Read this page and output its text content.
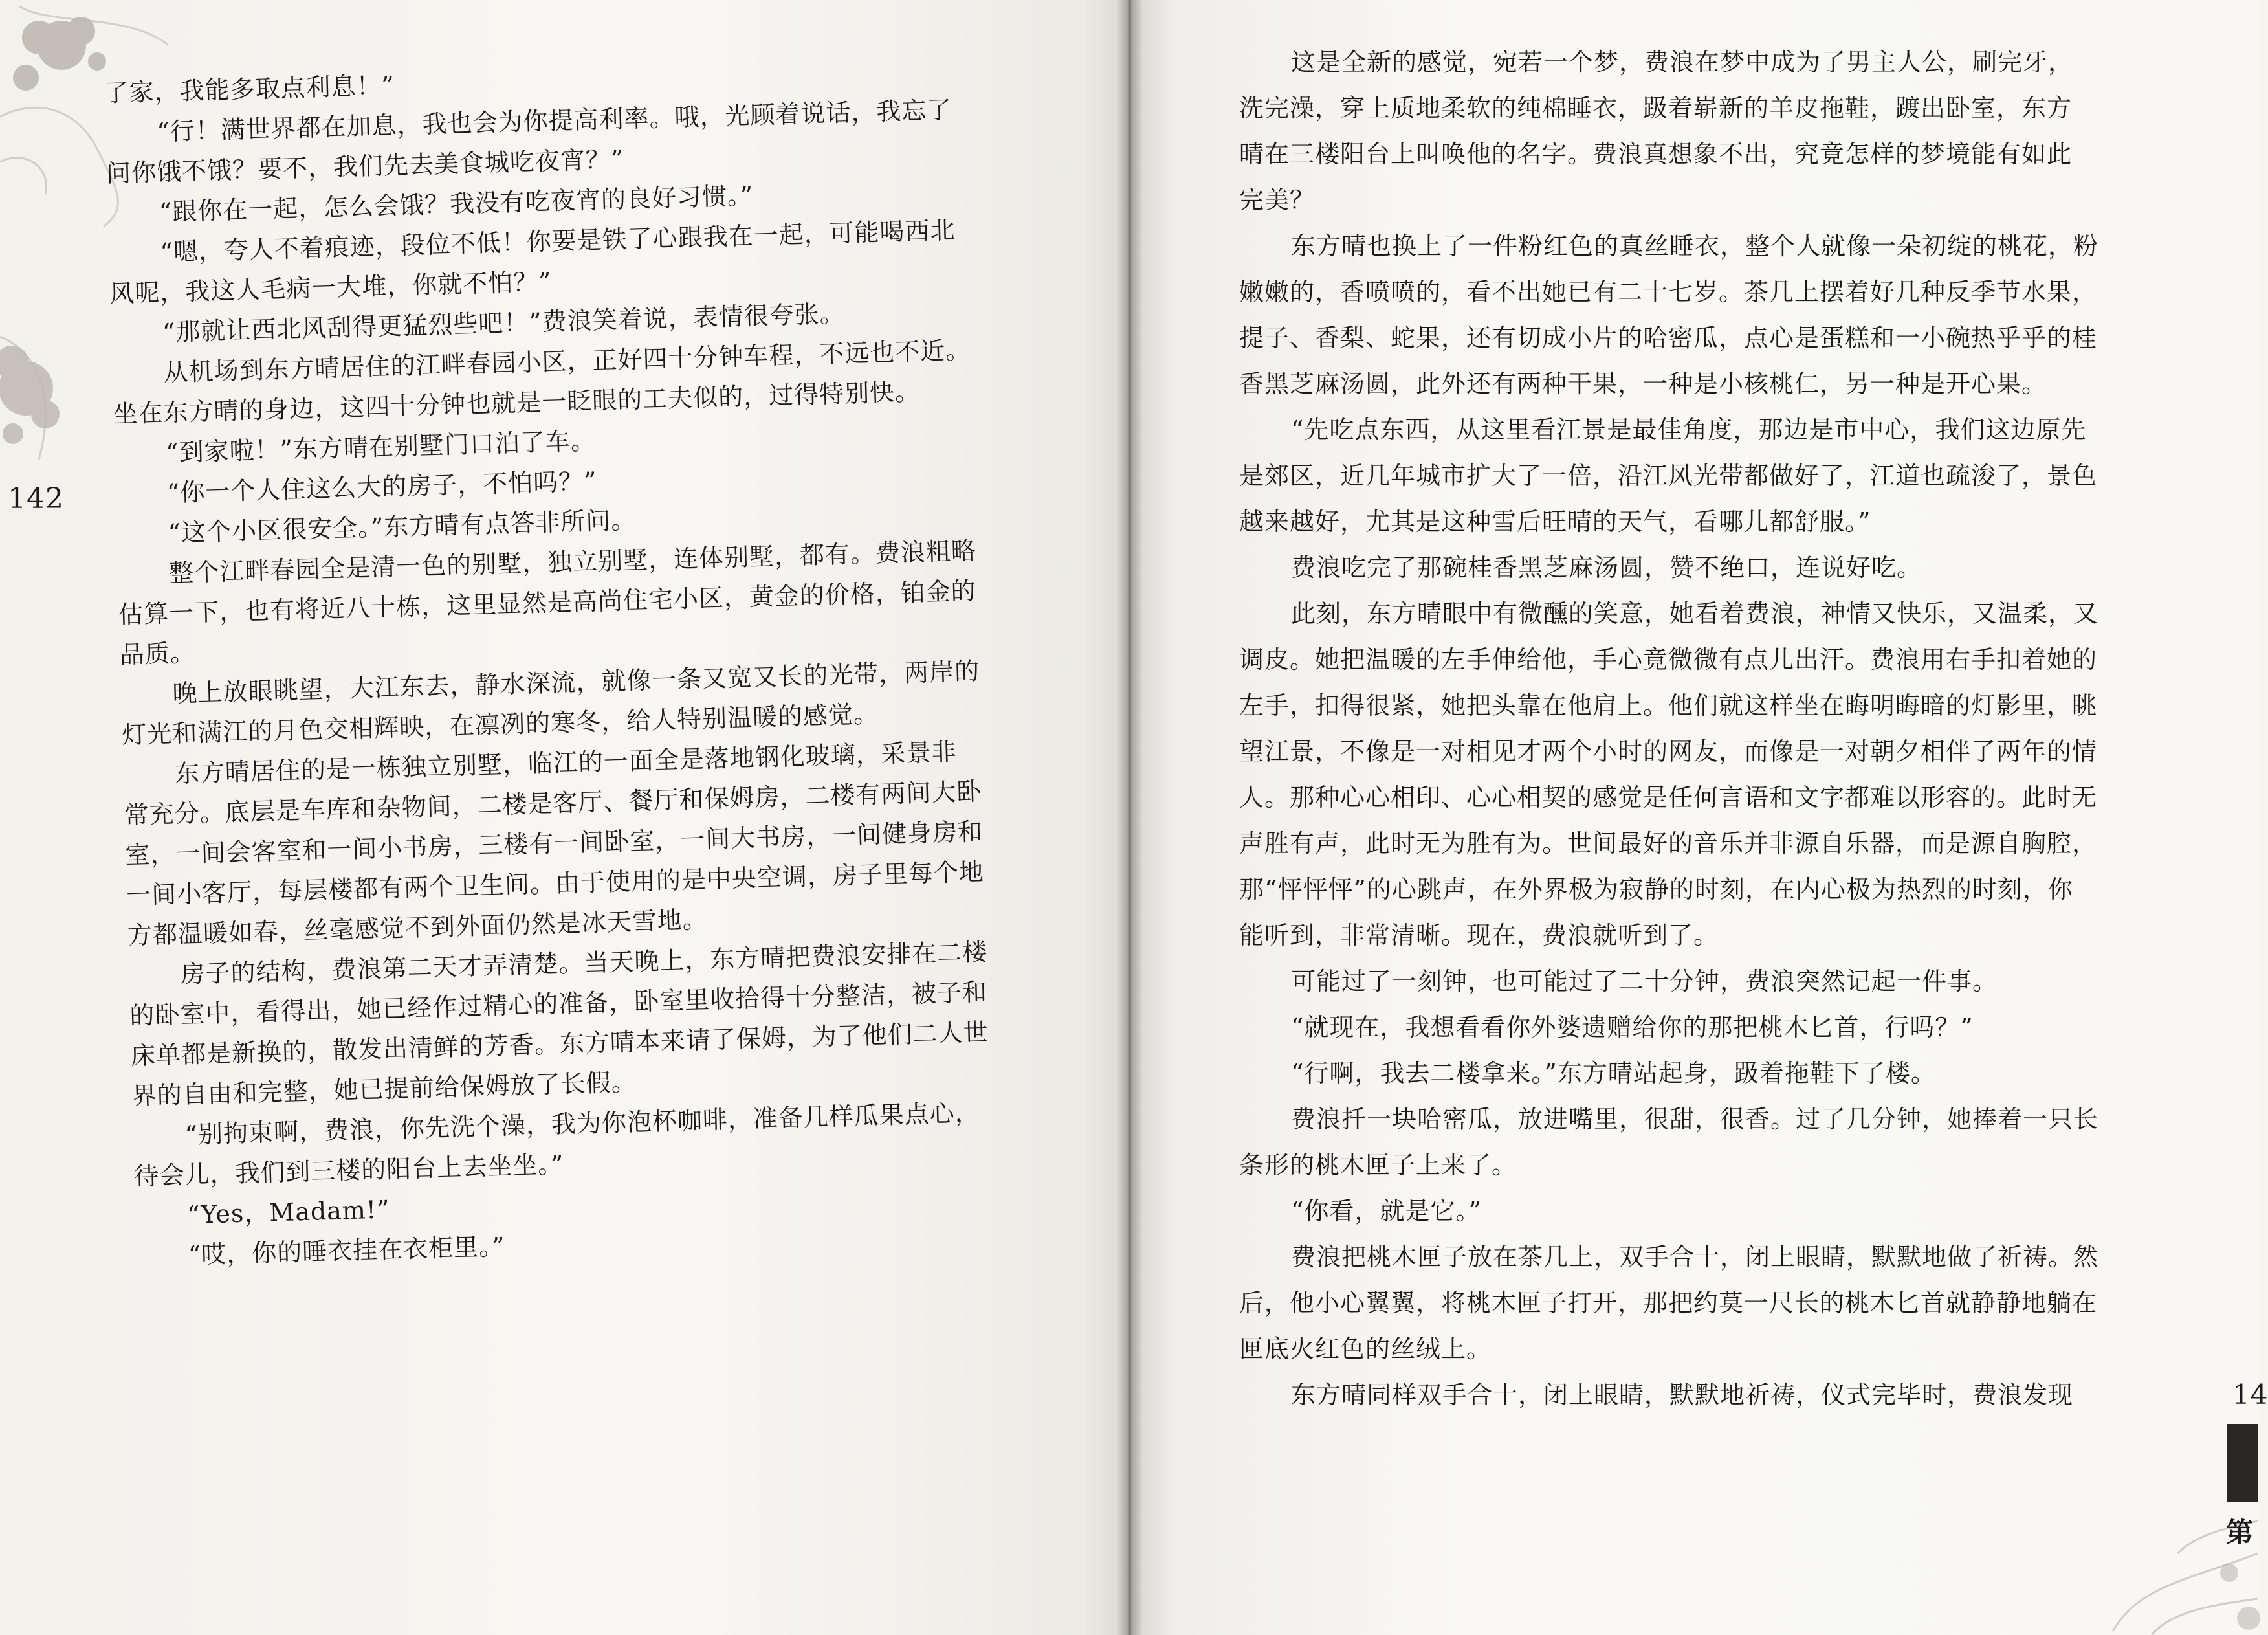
142
了家，我能多取点利息！”
“行！满世界都在加息，我也会为你提高利率。哦，光顾着说话，我忘了
问你饿不饿？要不，我们先去美食城吃夜宵？”
“跟你在一起，怎么会饿？我没有吃夜宵的良好习惯。”
“嗯，夸人不着痕迹，段位不低！你要是铁了心跟我在一起，可能喝西北
风呢，我这人毛病一大堆，你就不怕？”
“那就让西北风刮得更猛烈些吧！”费浪笑着说，表情很夸张。
从机场到东方晴居住的江畔春园小区，正好四十分钟车程，不远也不近。
坐在东方晴的身边，这四十分钟也就是一眨眼的工夫似的，过得特别快。
“到家啦！”东方晴在别墅门口泊了车。
“你一个人住这么大的房子，不怕吗？”
“这个小区很安全。”东方晴有点答非所问。
整个江畔春园全是清一色的别墅，独立别墅，连体别墅，都有。费浪粗略
估算一下，也有将近八十栋，这里显然是高尚住宅小区，黄金的价格，铂金的
品质。
晚上放眼眺望，大江东去，静水深流，就像一条又宽又长的光带，两岸的
灯光和满江的月色交相辉映，在凛冽的寒冬，给人特别温暖的感觉。
东方晴居住的是一栋独立别墅，临江的一面全是落地钢化玻璃，采景非
常充分。底层是车库和杂物间，二楼是客厅、餐厅和保姆房，二楼有两间大卧
室，一间会客室和一间小书房，三楼有一间卧室，一间大书房，一间健身房和
一间小客厅，每层楼都有两个卫生间。由于使用的是中央空调，房子里每个地
方都温暖如春，丝毫感觉不到外面仍然是冰天雪地。
房子的结构，费浪第二天才弄清楚。当天晚上，东方晴把费浪安排在二楼
的卧室中，看得出，她已经作过精心的准备，卧室里收拾得十分整洁，被子和
床单都是新换的，散发出清鲜的芳香。东方晴本来请了保姆，为了他们二人世
界的自由和完整，她已提前给保姆放了长假。
“别拘束啊，费浪，你先洗个澡，我为你泡杯咖啡，准备几样瓜果点心，
待会儿，我们到三楼的阳台上去坐坐。”
“Yes，Madam!”
“哎，你的睡衣挂在衣柜里。”
这是全新的感觉，宛若一个梦，费浪在梦中成为了男主人公，刷完牙，
洗完澡，穿上质地柔软的纯棉睡衣，趿着崭新的羊皮拖鞋，踱出卧室，东方
晴在三楼阳台上叫唤他的名字。费浪真想象不出，究竟怎样的梦境能有如此
完美？
东方晴也换上了一件粉红色的真丝睡衣，整个人就像一朵初绽的桃花，粉
嫩嫩的，香喷喷的，看不出她已有二十七岁。茶几上摆着好几种反季节水果，
提子、香梨、蛇果，还有切成小片的哈密瓜，点心是蛋糕和一小碗热乎乎的桂
香黑芝麻汤圆，此外还有两种干果，一种是小核桃仁，另一种是开心果。
“先吃点东西，从这里看江景是最佳角度，那边是市中心，我们这边原先
是郊区，近几年城市扩大了一倍，沿江风光带都做好了，江道也疏浚了，景色
越来越好，尤其是这种雪后旺晴的天气，看哪儿都舒服。”
费浪吃完了那碗桂香黑芝麻汤圆，赞不绝口，连说好吃。
此刻，东方晴眼中有微醺的笑意，她看着费浪，神情又快乐，又温柔，又
调皮。她把温暖的左手伸给他，手心竟微微有点儿出汗。费浪用右手扣着她的
左手，扣得很紧，她把头靠在他肩上。他们就这样坐在晦明晦暗的灯影里，眺
望江景，不像是一对相见才两个小时的网友，而像是一对朝夕相伴了两年的情
人。那种心心相印、心心相契的感觉是任何言语和文字都难以形容的。此时无
声胜有声，此时无为胜有为。世间最好的音乐并非源自乐器，而是源自胸腔，
那“怦怦怦”的心跳声，在外界极为寂静的时刻，在内心极为热烈的时刻，你
能听到，非常清晰。现在，费浪就听到了。
可能过了一刻钟，也可能过了二十分钟，费浪突然记起一件事。
“就现在，我想看看你外婆遗赠给你的那把桃木匕首，行吗？”
“行啊，我去二楼拿来。”东方晴站起身，趿着拖鞋下了楼。
费浪扦一块哈密瓜，放进嘴里，很甜，很香。过了几分钟，她捧着一只长
条形的桃木匣子上来了。
“你看，就是它。”
费浪把桃木匣子放在茶几上，双手合十，闭上眼睛，默默地做了祈祷。然
后，他小心翼翼，将桃木匣子打开，那把约莫一尺长的桃木匕首就静静地躺在
匣底火红色的丝绒上。
东方晴同样双手合十，闭上眼睛，默默地祈祷，仪式完毕时，费浪发现	14
第
